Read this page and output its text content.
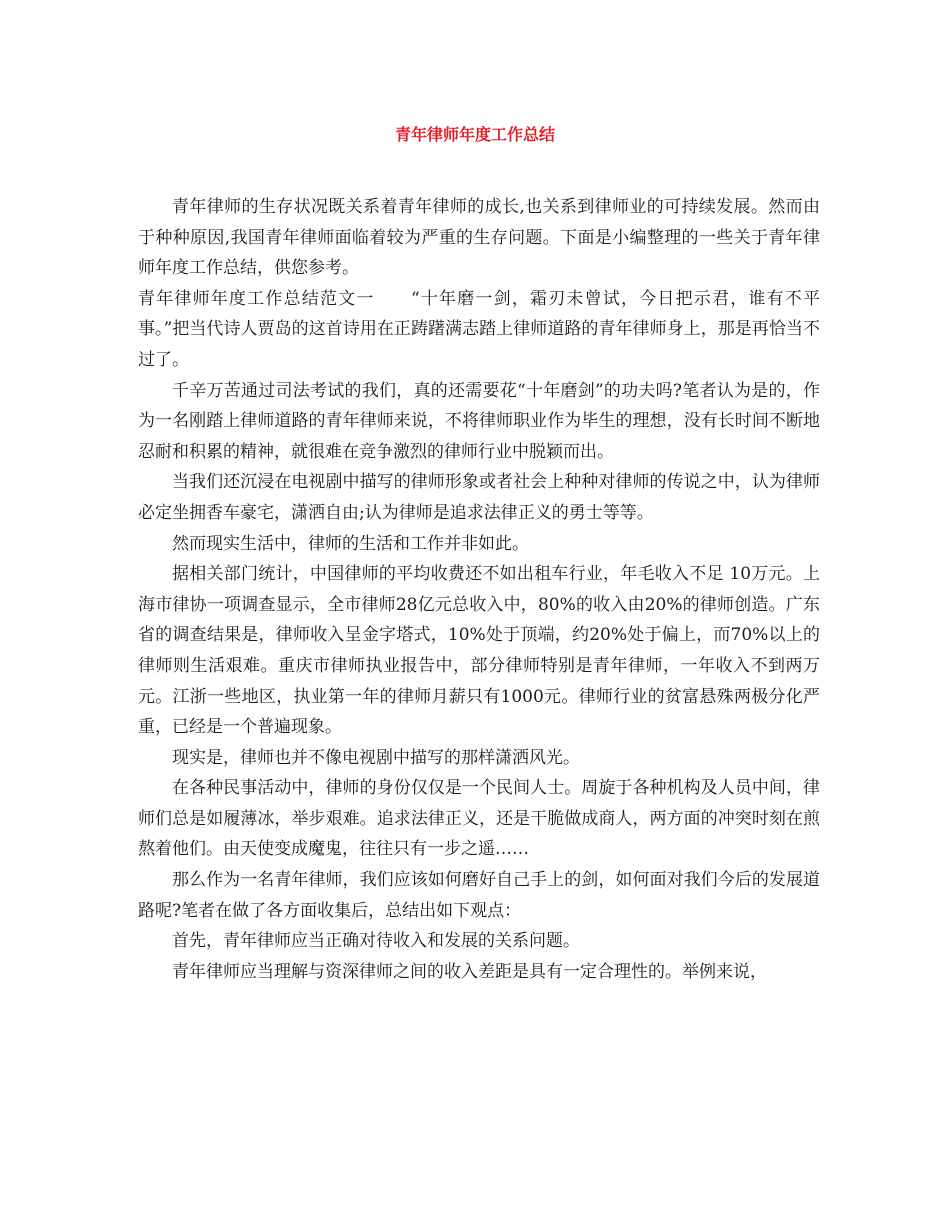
青年律师年度工作总结

青年律师的生存状况既关系着青年律师的成长,也关系到律师业的可持续发展。然而由于种种原因,我国青年律师面临着较为严重的生存问题。下面是小编整理的一些关于青年律师年度工作总结，供您参考。

青年律师年度工作总结范文一　　“十年磨一剑，霜刃未曾试，今日把示君，谁有不平事。”把当代诗人贾岛的这首诗用在正踌躇满志踏上律师道路的青年律师身上，那是再恰当不过了。

千辛万苦通过司法考试的我们，真的还需要花“十年磨剑”的功夫吗?笔者认为是的，作为一名刚踏上律师道路的青年律师来说，不将律师职业作为毕生的理想，没有长时间不断地忍耐和积累的精神，就很难在竞争激烈的律师行业中脱颖而出。

当我们还沉浸在电视剧中描写的律师形象或者社会上种种对律师的传说之中，认为律师必定坐拥香车豪宅，潇洒自由;认为律师是追求法律正义的勇士等等。

然而现实生活中，律师的生活和工作并非如此。

据相关部门统计，中国律师的平均收费还不如出租车行业，年毛收入不足 10万元。上海市律协一项调查显示，全市律师28亿元总收入中，80%的收入由20%的律师创造。广东省的调查结果是，律师收入呈金字塔式，10%处于顶端，约20%处于偏上，而70%以上的律师则生活艰难。重庆市律师执业报告中，部分律师特别是青年律师，一年收入不到两万元。江浙一些地区，执业第一年的律师月薪只有1000元。律师行业的贫富悬殊两极分化严重，已经是一个普遍现象。

现实是，律师也并不像电视剧中描写的那样潇洒风光。

在各种民事活动中，律师的身份仅仅是一个民间人士。周旋于各种机构及人员中间，律师们总是如履薄冰，举步艰难。追求法律正义，还是干脆做成商人，两方面的冲突时刻在煎熬着他们。由天使变成魔鬼，往往只有一步之遥……

那么作为一名青年律师，我们应该如何磨好自己手上的剑，如何面对我们今后的发展道路呢?笔者在做了各方面收集后，总结出如下观点：

首先，青年律师应当正确对待收入和发展的关系问题。

青年律师应当理解与资深律师之间的收入差距是具有一定合理性的。举例来说，
